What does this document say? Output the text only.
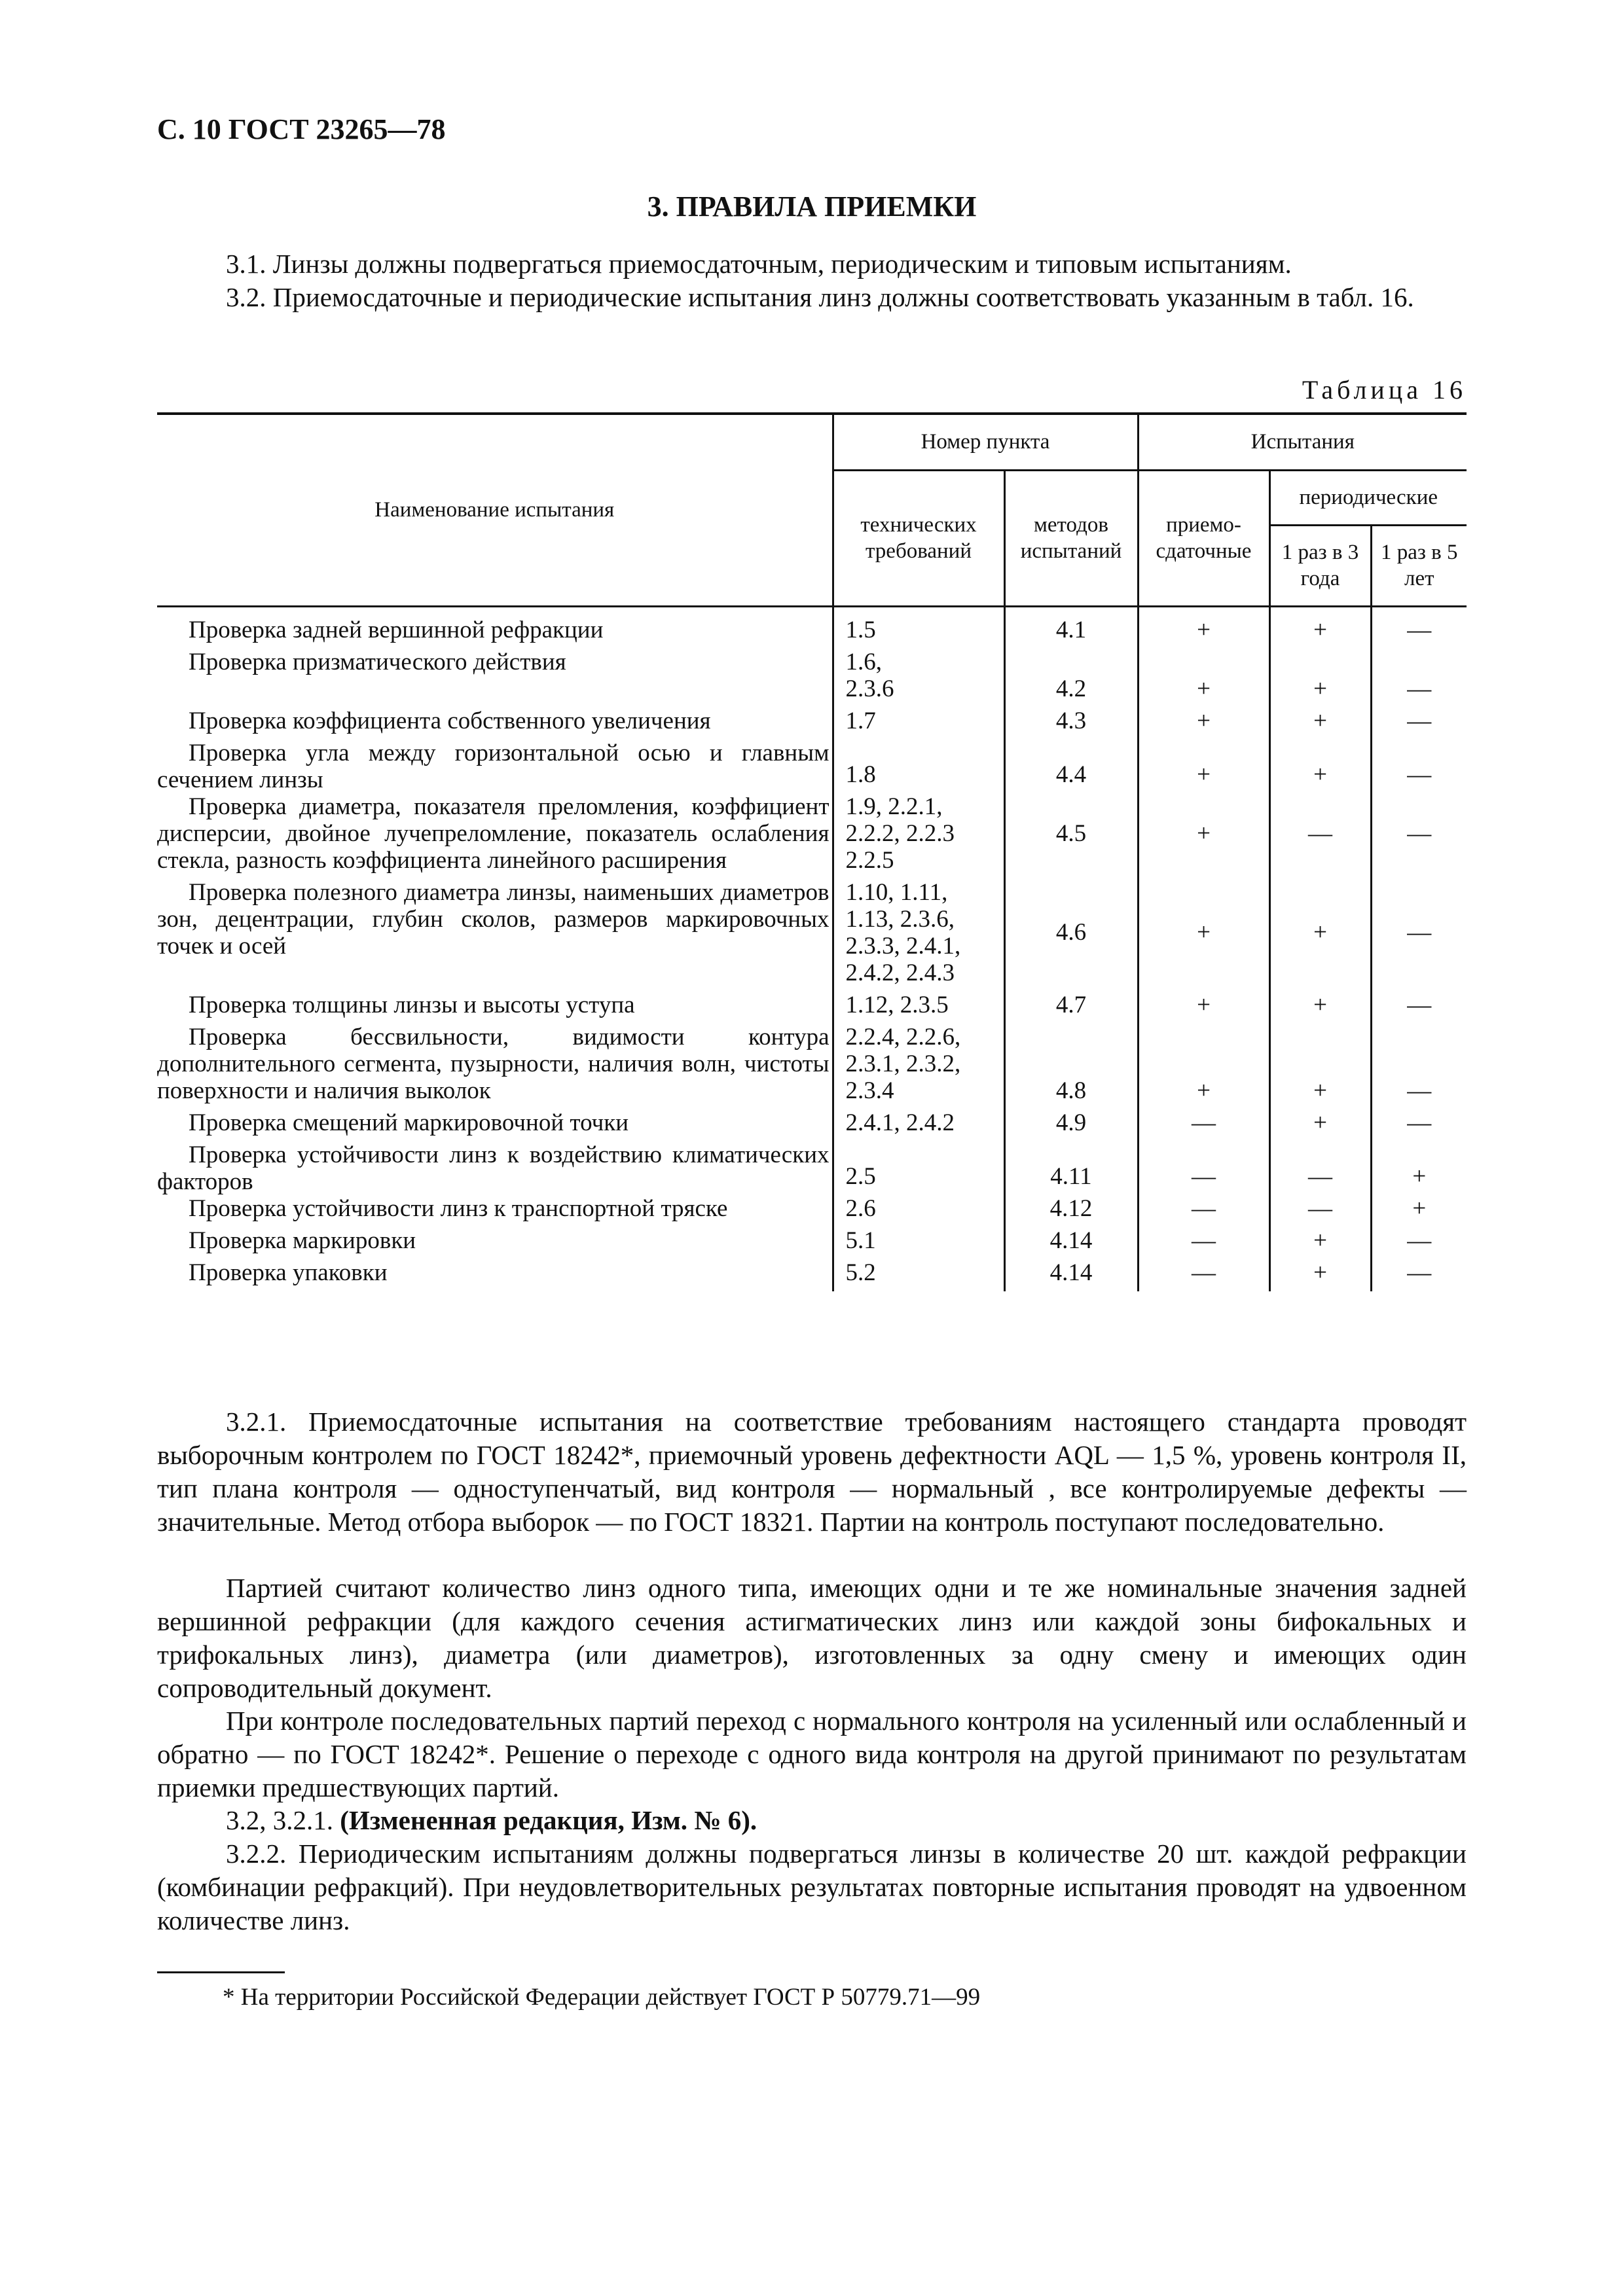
С. 10 ГОСТ 23265—78
3. ПРАВИЛА ПРИЕМКИ
3.1. Линзы должны подвергаться приемосдаточным, периодическим и типовым испытаниям.
3.2. Приемосдаточные и периодические испытания линз должны соответствовать указанным в табл. 16.
Таблица 16
Наименование испытания	Номер пункта		Испытания		
	технических требований	методов испытаний	приемо-сдаточные	периодические	
				1 раз в 3 года	1 раз в 5 лет

Проверка задней вершинной рефракции	1.5	4.1	+	+	—

Проверка призматического действия	1.6,
2.3.6	4.2	+	+	—

Проверка коэффициента собственного увеличения	1.7	4.3	+	+	—

Проверка угла между горизонтальной осью и главным сечением линзы	1.8	4.4	+	+	—

Проверка диаметра, показателя преломления, коэффициент дисперсии, двойное лучепреломление, показатель ослабления стекла, разность коэффициента линейного расширения	1.9, 2.2.1,
2.2.2, 2.2.3
2.2.5	4.5	+	—	—

Проверка полезного диаметра линзы, наименьших диаметров зон, децентрации, глубин сколов, размеров маркировочных точек и осей	1.10, 1.11,
1.13, 2.3.6,
2.3.3, 2.4.1,
2.4.2, 2.4.3	4.6	+	+	—

Проверка толщины линзы и высоты уступа	1.12, 2.3.5	4.7	+	+	—

Проверка бессвильности, видимости контура дополнительного сегмента, пузырности, наличия волн, чистоты поверхности и наличия выколок	2.2.4, 2.2.6,
2.3.1, 2.3.2,
2.3.4	4.8	+	+	—

Проверка смещений маркировочной точки	2.4.1, 2.4.2	4.9	—	+	—

Проверка устойчивости линз к воздействию климатических факторов	2.5	4.11	—	—	+

Проверка устойчивости линз к транспортной тряске	2.6	4.12	—	—	+

Проверка маркировки	5.1	4.14	—	+	—

Проверка упаковки	5.2	4.14	—	+	—
3.2.1. Приемосдаточные испытания на соответствие требованиям настоящего стандарта проводят выборочным контролем по ГОСТ 18242*, приемочный уровень дефектности AQL — 1,5 %, уровень контроля II, тип плана контроля — одноступенчатый, вид контроля — нормальный , все контролируемые дефекты — значительные. Метод отбора выборок — по ГОСТ 18321. Партии на контроль поступают последовательно.
Партией считают количество линз одного типа, имеющих одни и те же номинальные значения задней вершинной рефракции (для каждого сечения астигматических линз или каждой зоны бифокальных и трифокальных линз), диаметра (или диаметров), изготовленных за одну смену и имеющих один сопроводительный документ.
При контроле последовательных партий переход с нормального контроля на усиленный или ослабленный и обратно — по ГОСТ 18242*. Решение о переходе с одного вида контроля на другой принимают по результатам приемки предшествующих партий.
3.2, 3.2.1. (Измененная редакция, Изм. № 6).
3.2.2. Периодическим испытаниям должны подвергаться линзы в количестве 20 шт. каждой рефракции (комбинации рефракций). При неудовлетворительных результатах повторные испытания проводят на удвоенном количестве линз.
* На территории Российской Федерации действует ГОСТ Р 50779.71—99
